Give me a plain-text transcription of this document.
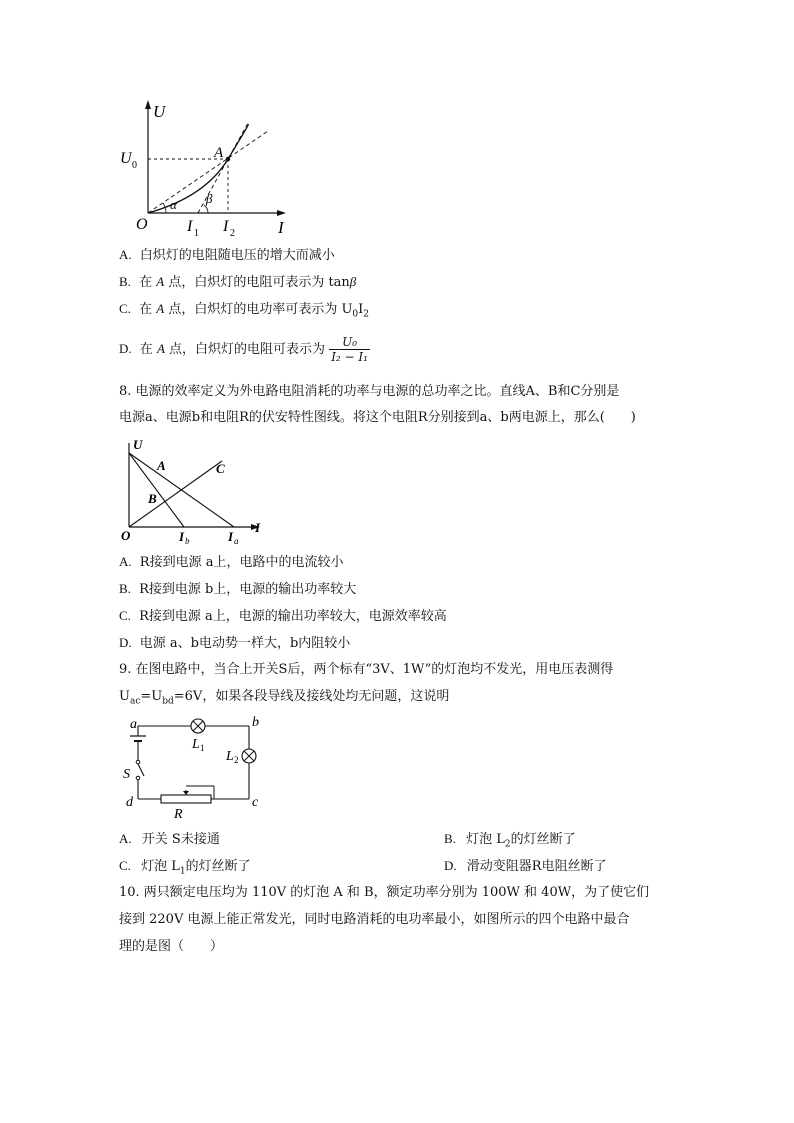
U
I
O
U 0
A
α β
I 1 I 2
A. 白炽灯的电阻随电压的增大而减小
B. 在 A 点，白炽灯的电阻可表示为 tanβ
C. 在 A 点，白炽灯的电功率可表示为 $U_0I_2$
D. 在 A 点，白炽灯的电阻可表示为 $\frac{\text{U₀}}{\text{I₂ − I₁}}$
8. 电源的效率定义为外电路电阻消耗的功率与电源的总功率之比。直线A、B和C分别是
电源a、电源b和电阻R的伏安特性图线。将这个电阻R分别接到a、b两电源上，那么(　　)
U
I
O
A
B
C
I b	I a
A. R接到电源 a上，电路中的电流较小
B. R接到电源 b上，电源的输出功率较大
C. R接到电源 a上，电源的输出功率较大，电源效率较高
D. 电源 a、b电动势一样大，b内阻较小
9. 在图电路中，当合上开关S后，两个标有“3V、1W”的灯泡均不发光，用电压表测得
$U_{ac}=U_{bd}=6V$，如果各段导线及接线处均无问题，这说明
a	b
c
d
L 1
L 2
S
R
A. 开关 S未接通	B. 灯泡 $L_2$的灯丝断了
C. 灯泡 $L_1$的灯丝断了	D. 滑动变阻器R电阻丝断了
10. 两只额定电压均为 110V 的灯泡 A 和 B，额定功率分别为 100W 和 40W，为了使它们
接到 220V 电源上能正常发光，同时电路消耗的电功率最小，如图所示的四个电路中最合
理的是图（　　）
